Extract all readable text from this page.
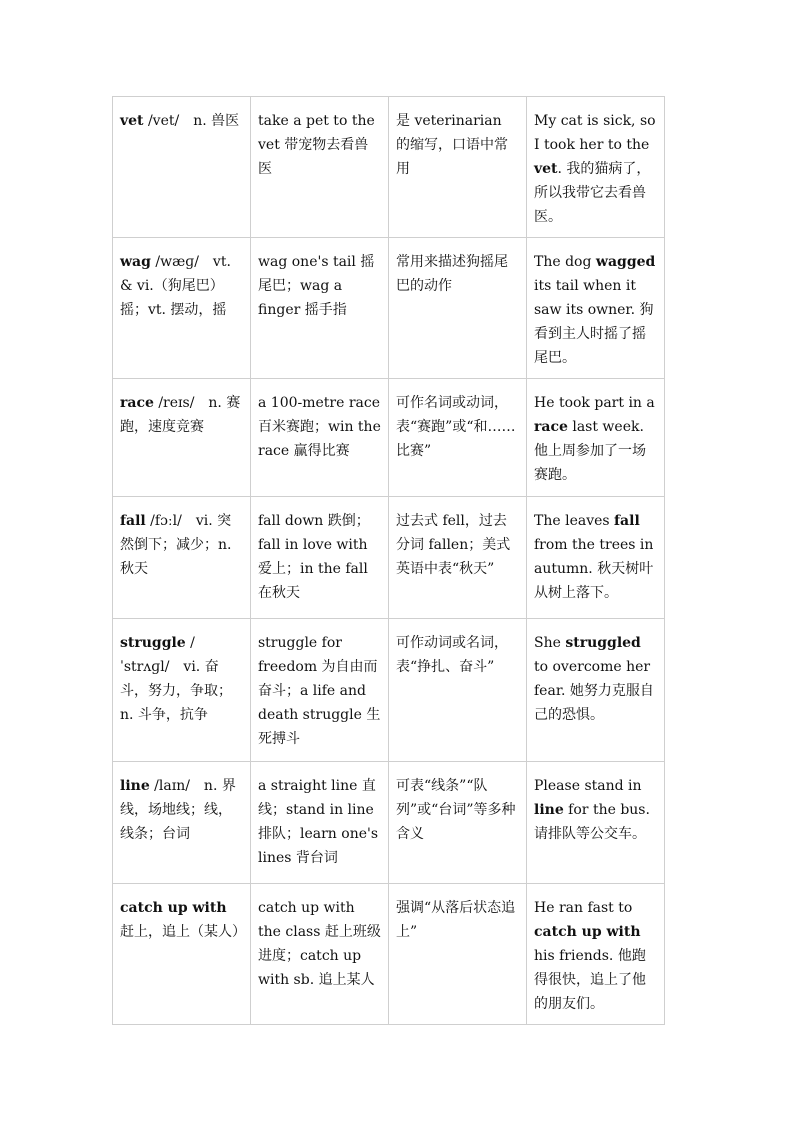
vet /vet/　n. 兽医	take a pet to the vet 带宠物去看兽医	是 veterinarian 的缩写，口语中常用	My cat is sick, so I took her to the vet. 我的猫病了，所以我带它去看兽医。
wag /wæɡ/　vt. & vi.（狗尾巴）摇；vt. 摆动，摇	wag one's tail 摇尾巴；wag a finger 摇手指	常用来描述狗摇尾巴的动作	The dog wagged its tail when it saw its owner. 狗看到主人时摇了摇尾巴。
race /reɪs/　n. 赛跑，速度竞赛	a 100-metre race 百米赛跑；win the race 赢得比赛	可作名词或动词，表“赛跑”或“和……比赛”	He took part in a race last week. 他上周参加了一场赛跑。
fall /fɔːl/　vi. 突然倒下；减少；n. 秋天	fall down 跌倒；fall in love with 爱上；in the fall 在秋天	过去式 fell，过去分词 fallen；美式英语中表“秋天”	The leaves fall from the trees in autumn. 秋天树叶从树上落下。
struggle /ˈstrʌɡl/　vi. 奋斗，努力，争取；n. 斗争，抗争	struggle for freedom 为自由而奋斗；a life and death struggle 生死搏斗	可作动词或名词，表“挣扎、奋斗”	She struggled to overcome her fear. 她努力克服自己的恐惧。
line /laɪn/　n. 界线，场地线；线，线条；台词	a straight line 直线；stand in line 排队；learn one's lines 背台词	可表“线条”“队列”或“台词”等多种含义	Please stand in line for the bus. 请排队等公交车。
catch up with 赶上，追上（某人）	catch up with the class 赶上班级进度；catch up with sb. 追上某人	强调“从落后状态追上”	He ran fast to catch up with his friends. 他跑得很快，追上了他的朋友们。
